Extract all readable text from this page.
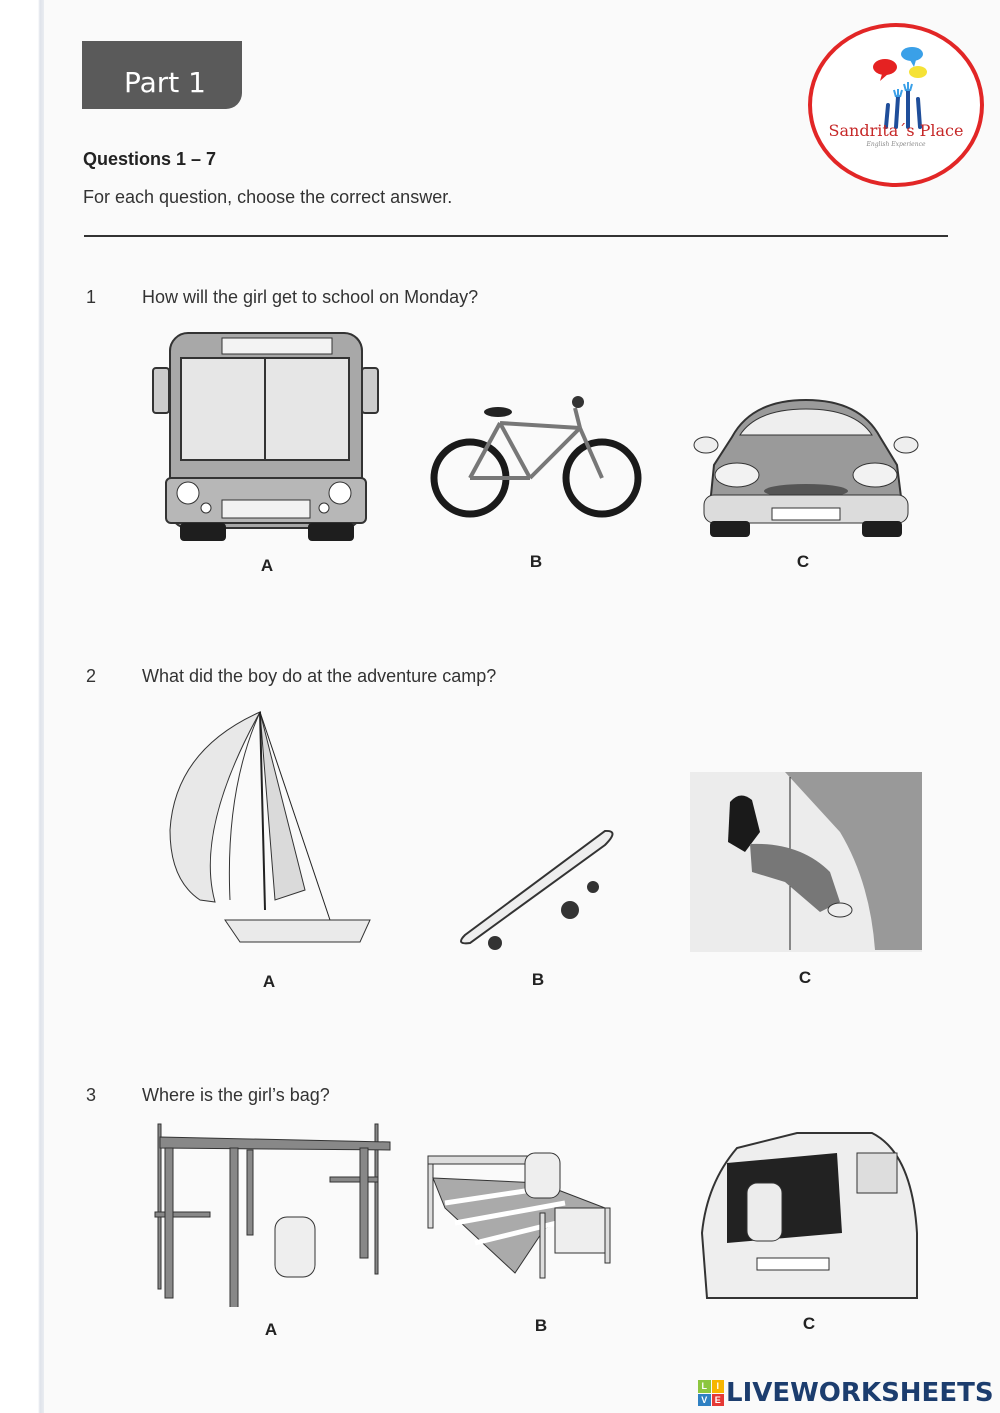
Part 1
Questions 1 – 7
For each question, choose the correct answer.
Sandrita´s Place
English Experience
1	How will the girl get to school on Monday?
A	B	C
2	What did the boy do at the adventure camp?
A	B	C
3	Where is the girl’s bag?
A	B	C
L	I
V E LIVEWORKSHEETS
